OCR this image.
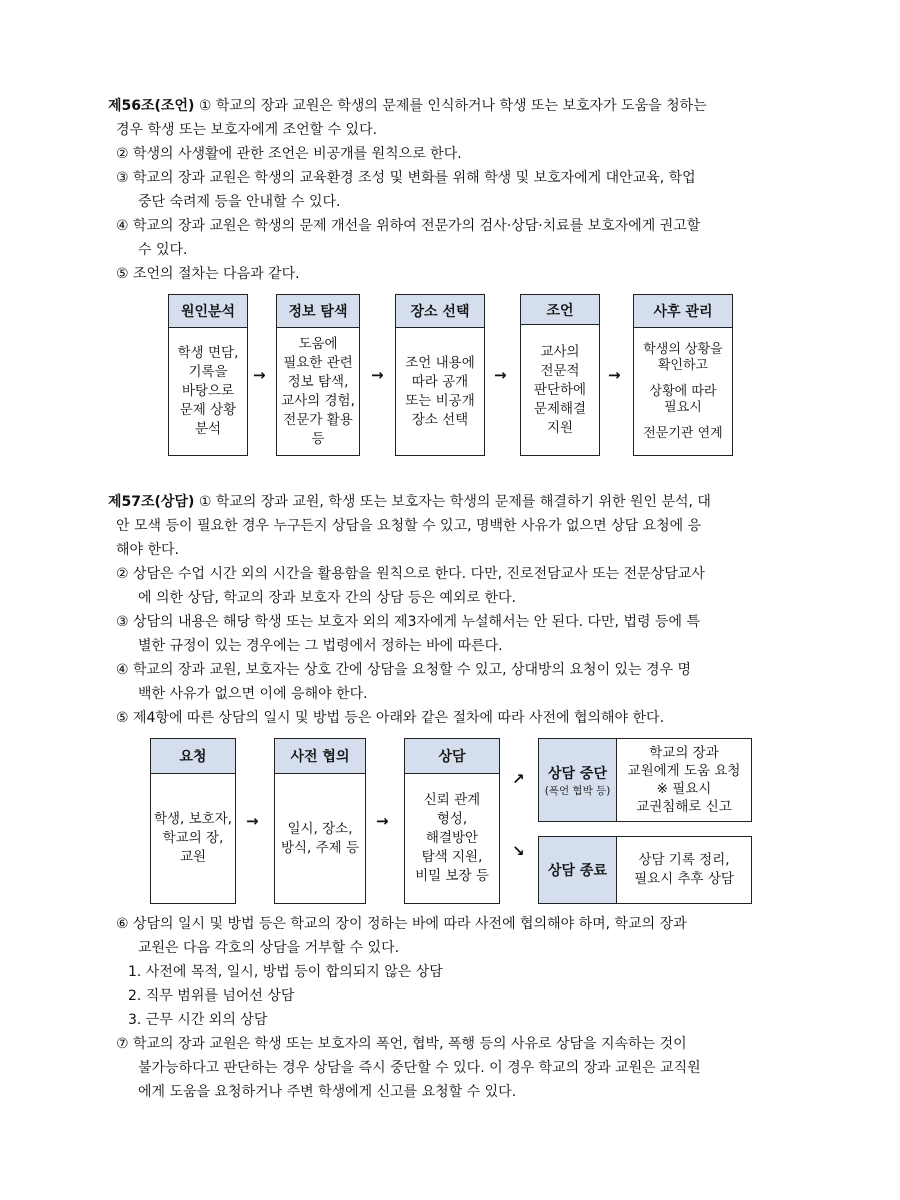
제56조(조언) ① 학교의 장과 교원은 학생의 문제를 인식하거나 학생 또는 보호자가 도움을 청하는
경우 학생 또는 보호자에게 조언할 수 있다.
② 학생의 사생활에 관한 조언은 비공개를 원칙으로 한다.
③ 학교의 장과 교원은 학생의 교육환경 조성 및 변화를 위해 학생 및 보호자에게 대안교육, 학업
중단 숙려제 등을 안내할 수 있다.
④ 학교의 장과 교원은 학생의 문제 개선을 위하여 전문가의 검사·상담·치료를 보호자에게 권고할
수 있다.
⑤ 조언의 절차는 다음과 같다.
원인분석
학생 면담,
기록을
바탕으로
문제 상황
분석
→
정보 탐색
도움에
필요한 관련
정보 탐색,
교사의 경험,
전문가 활용
등
→
장소 선택
조언 내용에
따라 공개
또는 비공개
장소 선택
→
조언
교사의
전문적
판단하에
문제해결
지원
→
사후 관리
학생의 상황을
확인하고
상황에 따라
필요시
전문기관 연계
제57조(상담) ① 학교의 장과 교원, 학생 또는 보호자는 학생의 문제를 해결하기 위한 원인 분석, 대
안 모색 등이 필요한 경우 누구든지 상담을 요청할 수 있고, 명백한 사유가 없으면 상담 요청에 응
해야 한다.
② 상담은 수업 시간 외의 시간을 활용함을 원칙으로 한다. 다만, 진로전담교사 또는 전문상담교사
에 의한 상담, 학교의 장과 보호자 간의 상담 등은 예외로 한다.
③ 상담의 내용은 해당 학생 또는 보호자 외의 제3자에게 누설해서는 안 된다. 다만, 법령 등에 특
별한 규정이 있는 경우에는 그 법령에서 정하는 바에 따른다.
④ 학교의 장과 교원, 보호자는 상호 간에 상담을 요청할 수 있고, 상대방의 요청이 있는 경우 명
백한 사유가 없으면 이에 응해야 한다.
⑤ 제4항에 따른 상담의 일시 및 방법 등은 아래와 같은 절차에 따라 사전에 협의해야 한다.
요청
학생, 보호자,
학교의 장,
교원
→
사전 협의
일시, 장소,
방식, 주제 등
→
상담
신뢰 관계
형성,
해결방안
탐색 지원,
비밀 보장 등
↗
↘
상담 중단
(폭언 협박 등)
학교의 장과
교원에게 도움 요청
※ 필요시
교권침해로 신고
상담 종료
상담 기록 정리,
필요시 추후 상담
⑥ 상담의 일시 및 방법 등은 학교의 장이 정하는 바에 따라 사전에 협의해야 하며, 학교의 장과
교원은 다음 각호의 상담을 거부할 수 있다.
1. 사전에 목적, 일시, 방법 등이 합의되지 않은 상담
2. 직무 범위를 넘어선 상담
3. 근무 시간 외의 상담
⑦ 학교의 장과 교원은 학생 또는 보호자의 폭언, 협박, 폭행 등의 사유로 상담을 지속하는 것이
불가능하다고 판단하는 경우 상담을 즉시 중단할 수 있다. 이 경우 학교의 장과 교원은 교직원
에게 도움을 요청하거나 주변 학생에게 신고를 요청할 수 있다.
